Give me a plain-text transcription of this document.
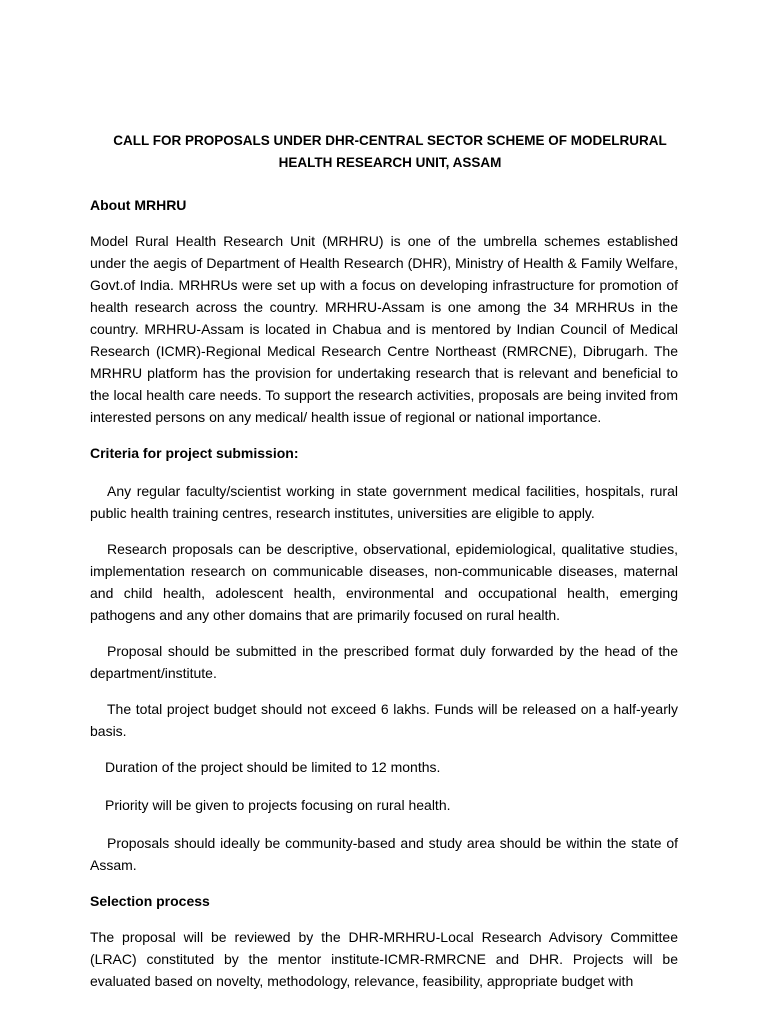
CALL FOR PROPOSALS UNDER DHR-CENTRAL SECTOR SCHEME OF MODELRURAL HEALTH RESEARCH UNIT, ASSAM
About MRHRU

Model Rural Health Research Unit (MRHRU) is one of the umbrella schemes established under the aegis of Department of Health Research (DHR), Ministry of Health & Family Welfare, Govt.of India. MRHRUs were set up with a focus on developing infrastructure for promotion of health research across the country. MRHRU-Assam is one among the 34 MRHRUs in the country. MRHRU-Assam is located in Chabua and is mentored by Indian Council of Medical Research (ICMR)-Regional Medical Research Centre Northeast (RMRCNE), Dibrugarh. The MRHRU platform has the provision for undertaking research that is relevant and beneficial to the local health care needs. To support the research activities, proposals are being invited from interested persons on any medical/ health issue of regional or national importance.

Criteria for project submission:

Any regular faculty/scientist working in state government medical facilities, hospitals, rural public health training centres, research institutes, universities are eligible to apply.

Research proposals can be descriptive, observational, epidemiological, qualitative studies, implementation research on communicable diseases, non-communicable diseases, maternal and child health, adolescent health, environmental and occupational health, emerging pathogens and any other domains that are primarily focused on rural health.

Proposal should be submitted in the prescribed format duly forwarded by the head of the department/institute.

The total project budget should not exceed 6 lakhs. Funds will be released on a half-yearly basis.

Duration of the project should be limited to 12 months.

Priority will be given to projects focusing on rural health.

Proposals should ideally be community-based and study area should be within the state of Assam.

Selection process

The proposal will be reviewed by the DHR-MRHRU-Local Research Advisory Committee (LRAC) constituted by the mentor institute-ICMR-RMRCNE and DHR. Projects will be evaluated based on novelty, methodology, relevance, feasibility, appropriate budget with
